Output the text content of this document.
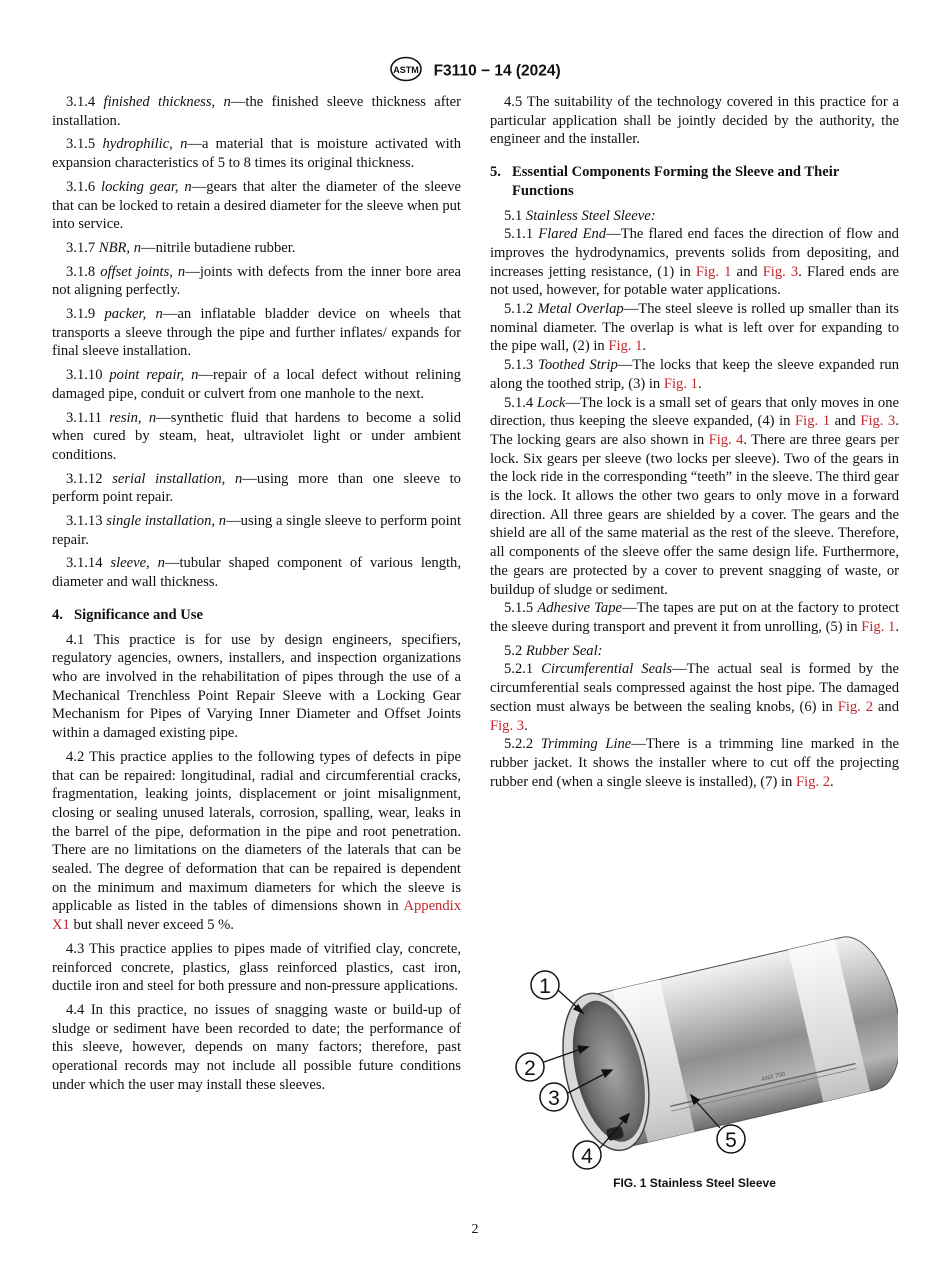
ASTM F3110 − 14 (2024)

3.1.4 finished thickness, n—the finished sleeve thickness after installation.

3.1.5 hydrophilic, n—a material that is moisture activated with expansion characteristics of 5 to 8 times its original thickness.

3.1.6 locking gear, n—gears that alter the diameter of the sleeve that can be locked to retain a desired diameter for the sleeve when put into service.

3.1.7 NBR, n—nitrile butadiene rubber.

3.1.8 offset joints, n—joints with defects from the inner bore area not aligning perfectly.

3.1.9 packer, n—an inflatable bladder device on wheels that transports a sleeve through the pipe and further inflates/ expands for final sleeve installation.

3.1.10 point repair, n—repair of a local defect without relining damaged pipe, conduit or culvert from one manhole to the next.

3.1.11 resin, n—synthetic fluid that hardens to become a solid when cured by steam, heat, ultraviolet light or under ambient conditions.

3.1.12 serial installation, n—using more than one sleeve to perform point repair.

3.1.13 single installation, n—using a single sleeve to perform point repair.

3.1.14 sleeve, n—tubular shaped component of various length, diameter and wall thickness.

4. Significance and Use

4.1 This practice is for use by design engineers, specifiers, regulatory agencies, owners, installers, and inspection organizations who are involved in the rehabilitation of pipes through the use of a Mechanical Trenchless Point Repair Sleeve with a Locking Gear Mechanism for Pipes of Varying Inner Diameter and Offset Joints within a damaged existing pipe.

4.2 This practice applies to the following types of defects in pipe that can be repaired: longitudinal, radial and circumferential cracks, fragmentation, leaking joints, displacement or joint misalignment, closing or sealing unused laterals, corrosion, spalling, wear, leaks in the barrel of the pipe, deformation in the pipe and root penetration. There are no limitations on the diameters of the laterals that can be sealed. The degree of deformation that can be repaired is dependent on the minimum and maximum diameters for which the sleeve is applicable as listed in the tables of dimensions shown in Appendix X1 but shall never exceed 5 %.

4.3 This practice applies to pipes made of vitrified clay, concrete, reinforced concrete, plastics, glass reinforced plastics, cast iron, ductile iron and steel for both pressure and non-pressure applications.

4.4 In this practice, no issues of snagging waste or build-up of sludge or sediment have been recorded to date; the performance of this sleeve, however, depends on many factors; therefore, past operational records may not include all possible future conditions under which the user may install these sleeves.

4.5 The suitability of the technology covered in this practice for a particular application shall be jointly decided by the authority, the engineer and the installer.

5. Essential Components Forming the Sleeve and Their Functions

5.1 Stainless Steel Sleeve:

5.1.1 Flared End—The flared end faces the direction of flow and improves the hydrodynamics, prevents solids from depositing, and increases jetting resistance, (1) in Fig. 1 and Fig. 3. Flared ends are not used, however, for potable water applications.

5.1.2 Metal Overlap—The steel sleeve is rolled up smaller than its nominal diameter. The overlap is what is left over for expanding to the pipe wall, (2) in Fig. 1.

5.1.3 Toothed Strip—The locks that keep the sleeve expanded run along the toothed strip, (3) in Fig. 1.

5.1.4 Lock—The lock is a small set of gears that only moves in one direction, thus keeping the sleeve expanded, (4) in Fig. 1 and Fig. 3. The locking gears are also shown in Fig. 4. There are three gears per lock. Six gears per sleeve (two locks per sleeve). Two of the gears in the lock ride in the corresponding “teeth” in the sleeve. The third gear is the lock. It allows the other two gears to only move in a forward direction. All three gears are shielded by a cover. The gears and the shield are all of the same material as the rest of the sleeve. Therefore, all components of the sleeve offer the same design life. Furthermore, the gears are protected by a cover to prevent snagging of waste, or buildup of sludge or sediment.

5.1.5 Adhesive Tape—The tapes are put on at the factory to protect the sleeve during transport and prevent it from unrolling, (5) in Fig. 1.

5.2 Rubber Seal:

5.2.1 Circumferential Seals—The actual seal is formed by the circumferential seals compressed against the host pipe. The damaged section must always be between the sealing knobs, (6) in Fig. 2 and Fig. 3.

5.2.2 Trimming Line—There is a trimming line marked in the rubber jacket. It shows the installer where to cut off the projecting rubber end (when a single sleeve is installed), (7) in Fig. 2.

ANX 700
1
2
3
4
5
FIG. 1 Stainless Steel Sleeve
2
